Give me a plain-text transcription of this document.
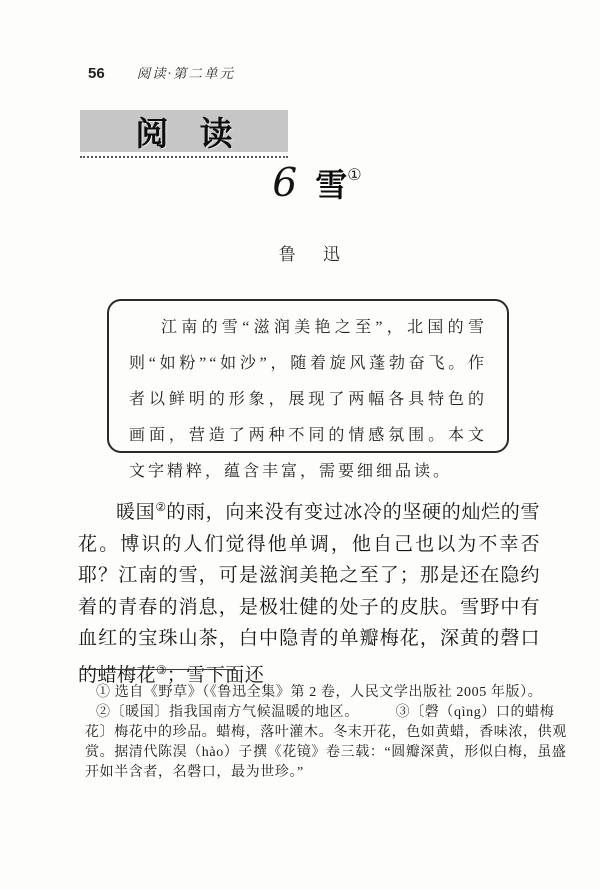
56 阅读·第二单元
阅读
6 雪①
鲁迅

江南的雪“滋润美艳之至”，北国的雪则“如粉”“如沙”，随着旋风蓬勃奋飞。作者以鲜明的形象，展现了两幅各具特色的画面，营造了两种不同的情感氛围。本文文字精粹，蕴含丰富，需要细细品读。

暖国②的雨，向来没有变过冰冷的坚硬的灿烂的雪花。博识的人们觉得他单调，他自己也以为不幸否耶？江南的雪，可是滋润美艳之至了；那是还在隐约着的青春的消息，是极壮健的处子的皮肤。雪野中有血红的宝珠山茶，白中隐青的单瓣梅花，深黄的磬口的蜡梅花③；雪下面还

① 选自《野草》（《鲁迅全集》第 2 卷，人民文学出版社 2005 年版）。
②〔暖国〕指我国南方气候温暖的地区。　　　③〔磬（qìng）口的蜡梅
花〕梅花中的珍品。蜡梅，落叶灌木。冬末开花，色如黄蜡，香味浓，供观
赏。据清代陈淏（hào）子撰《花镜》卷三载：“圆瓣深黄，形似白梅，虽盛
开如半含者，名磬口，最为世珍。”
